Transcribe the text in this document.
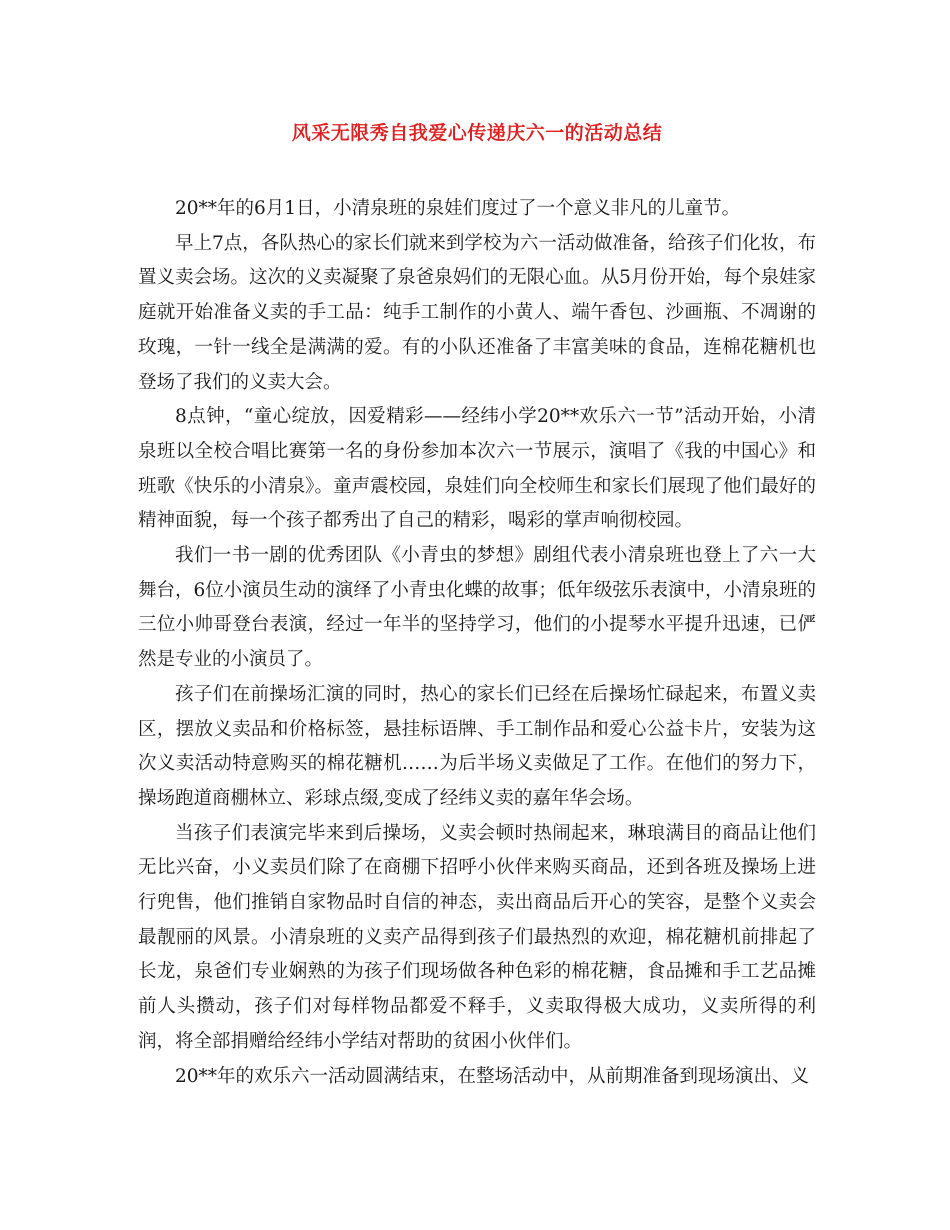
风采无限秀自我爱心传递庆六一的活动总结

20**年的6月1日，小清泉班的泉娃们度过了一个意义非凡的儿童节。

早上7点，各队热心的家长们就来到学校为六一活动做准备，给孩子们化妆，布置义卖会场。这次的义卖凝聚了泉爸泉妈们的无限心血。从5月份开始，每个泉娃家庭就开始准备义卖的手工品：纯手工制作的小黄人、端午香包、沙画瓶、不凋谢的玫瑰，一针一线全是满满的爱。有的小队还准备了丰富美味的食品，连棉花糖机也登场了我们的义卖大会。

8点钟，“童心绽放，因爱精彩——经纬小学20**欢乐六一节”活动开始，小清泉班以全校合唱比赛第一名的身份参加本次六一节展示，演唱了《我的中国心》和班歌《快乐的小清泉》。童声震校园，泉娃们向全校师生和家长们展现了他们最好的精神面貌，每一个孩子都秀出了自己的精彩，喝彩的掌声响彻校园。

我们一书一剧的优秀团队《小青虫的梦想》剧组代表小清泉班也登上了六一大舞台，6位小演员生动的演绎了小青虫化蝶的故事；低年级弦乐表演中，小清泉班的三位小帅哥登台表演，经过一年半的坚持学习，他们的小提琴水平提升迅速，已俨然是专业的小演员了。

孩子们在前操场汇演的同时，热心的家长们已经在后操场忙碌起来，布置义卖区，摆放义卖品和价格标签，悬挂标语牌、手工制作品和爱心公益卡片，安装为这次义卖活动特意购买的棉花糖机……为后半场义卖做足了工作。在他们的努力下，操场跑道商棚林立、彩球点缀,变成了经纬义卖的嘉年华会场。

当孩子们表演完毕来到后操场，义卖会顿时热闹起来，琳琅满目的商品让他们无比兴奋，小义卖员们除了在商棚下招呼小伙伴来购买商品，还到各班及操场上进行兜售，他们推销自家物品时自信的神态，卖出商品后开心的笑容，是整个义卖会最靓丽的风景。小清泉班的义卖产品得到孩子们最热烈的欢迎，棉花糖机前排起了长龙，泉爸们专业娴熟的为孩子们现场做各种色彩的棉花糖，食品摊和手工艺品摊前人头攒动，孩子们对每样物品都爱不释手，义卖取得极大成功，义卖所得的利润，将全部捐赠给经纬小学结对帮助的贫困小伙伴们。

20**年的欢乐六一活动圆满结束，在整场活动中，从前期准备到现场演出、义
